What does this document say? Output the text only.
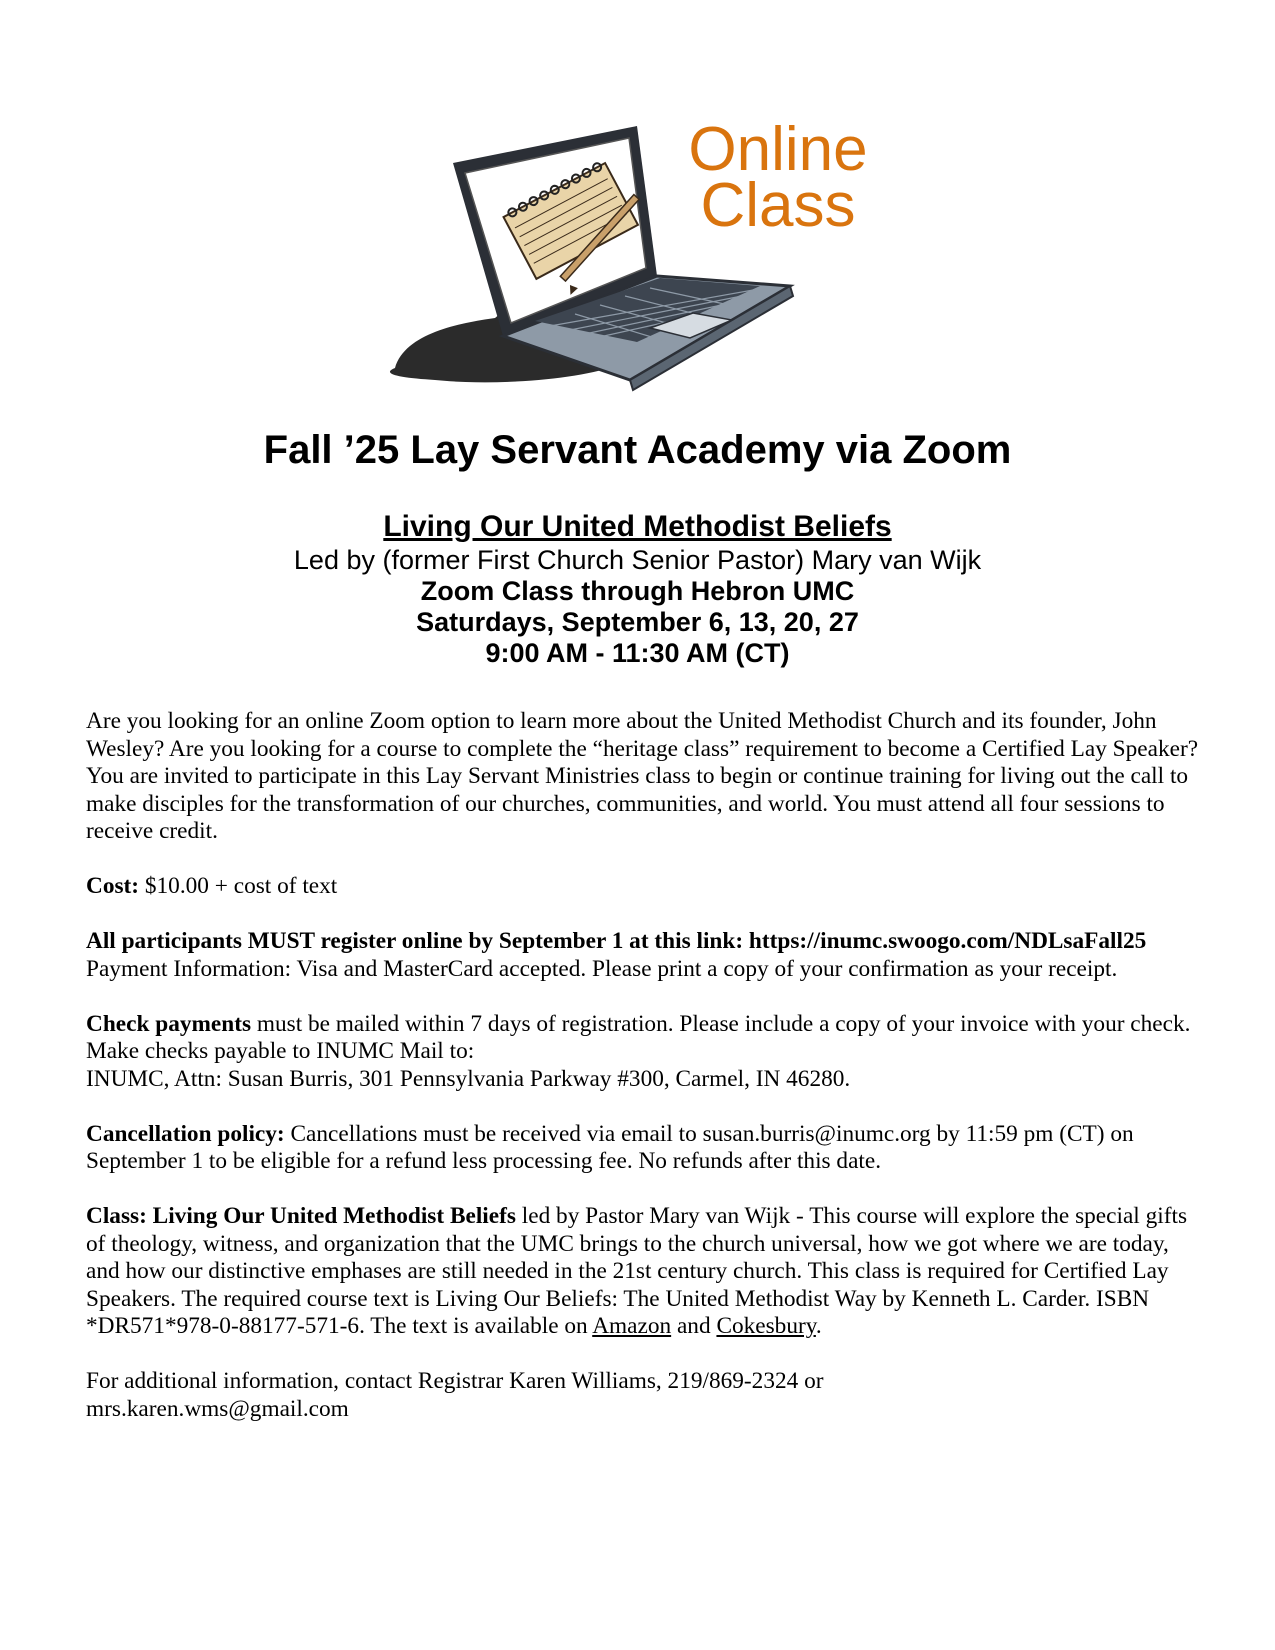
Online
Class
Fall ’25 Lay Servant Academy via Zoom
Living Our United Methodist Beliefs
Led by (former First Church Senior Pastor) Mary van Wijk
Zoom Class through Hebron UMC
Saturdays, September 6, 13, 20, 27
9:00 AM - 11:30 AM (CT)

Are you looking for an online Zoom option to learn more about the United Methodist Church and its founder, John Wesley? Are you looking for a course to complete the “heritage class” requirement to become a Certified Lay Speaker? You are invited to participate in this Lay Servant Ministries class to begin or continue training for living out the call to make disciples for the transformation of our churches, communities, and world. You must attend all four sessions to receive credit.

Cost: $10.00 + cost of text

All participants MUST register online by September 1 at this link: https://inumc.swoogo.com/NDLsaFall25
Payment Information: Visa and MasterCard accepted. Please print a copy of your confirmation as your receipt.

Check payments must be mailed within 7 days of registration. Please include a copy of your invoice with your check. Make checks payable to INUMC Mail to:
INUMC, Attn: Susan Burris, 301 Pennsylvania Parkway #300, Carmel, IN 46280.

Cancellation policy: Cancellations must be received via email to susan.burris@inumc.org by 11:59 pm (CT) on September 1 to be eligible for a refund less processing fee. No refunds after this date.

Class: Living Our United Methodist Beliefs led by Pastor Mary van Wijk - This course will explore the special gifts of theology, witness, and organization that the UMC brings to the church universal, how we got where we are today, and how our distinctive emphases are still needed in the 21st century church. This class is required for Certified Lay Speakers. The required course text is Living Our Beliefs: The United Methodist Way by Kenneth L. Carder. ISBN *DR571*978-0-88177-571-6. The text is available on Amazon and Cokesbury.

For additional information, contact Registrar Karen Williams, 219/869-2324 or
mrs.karen.wms@gmail.com
